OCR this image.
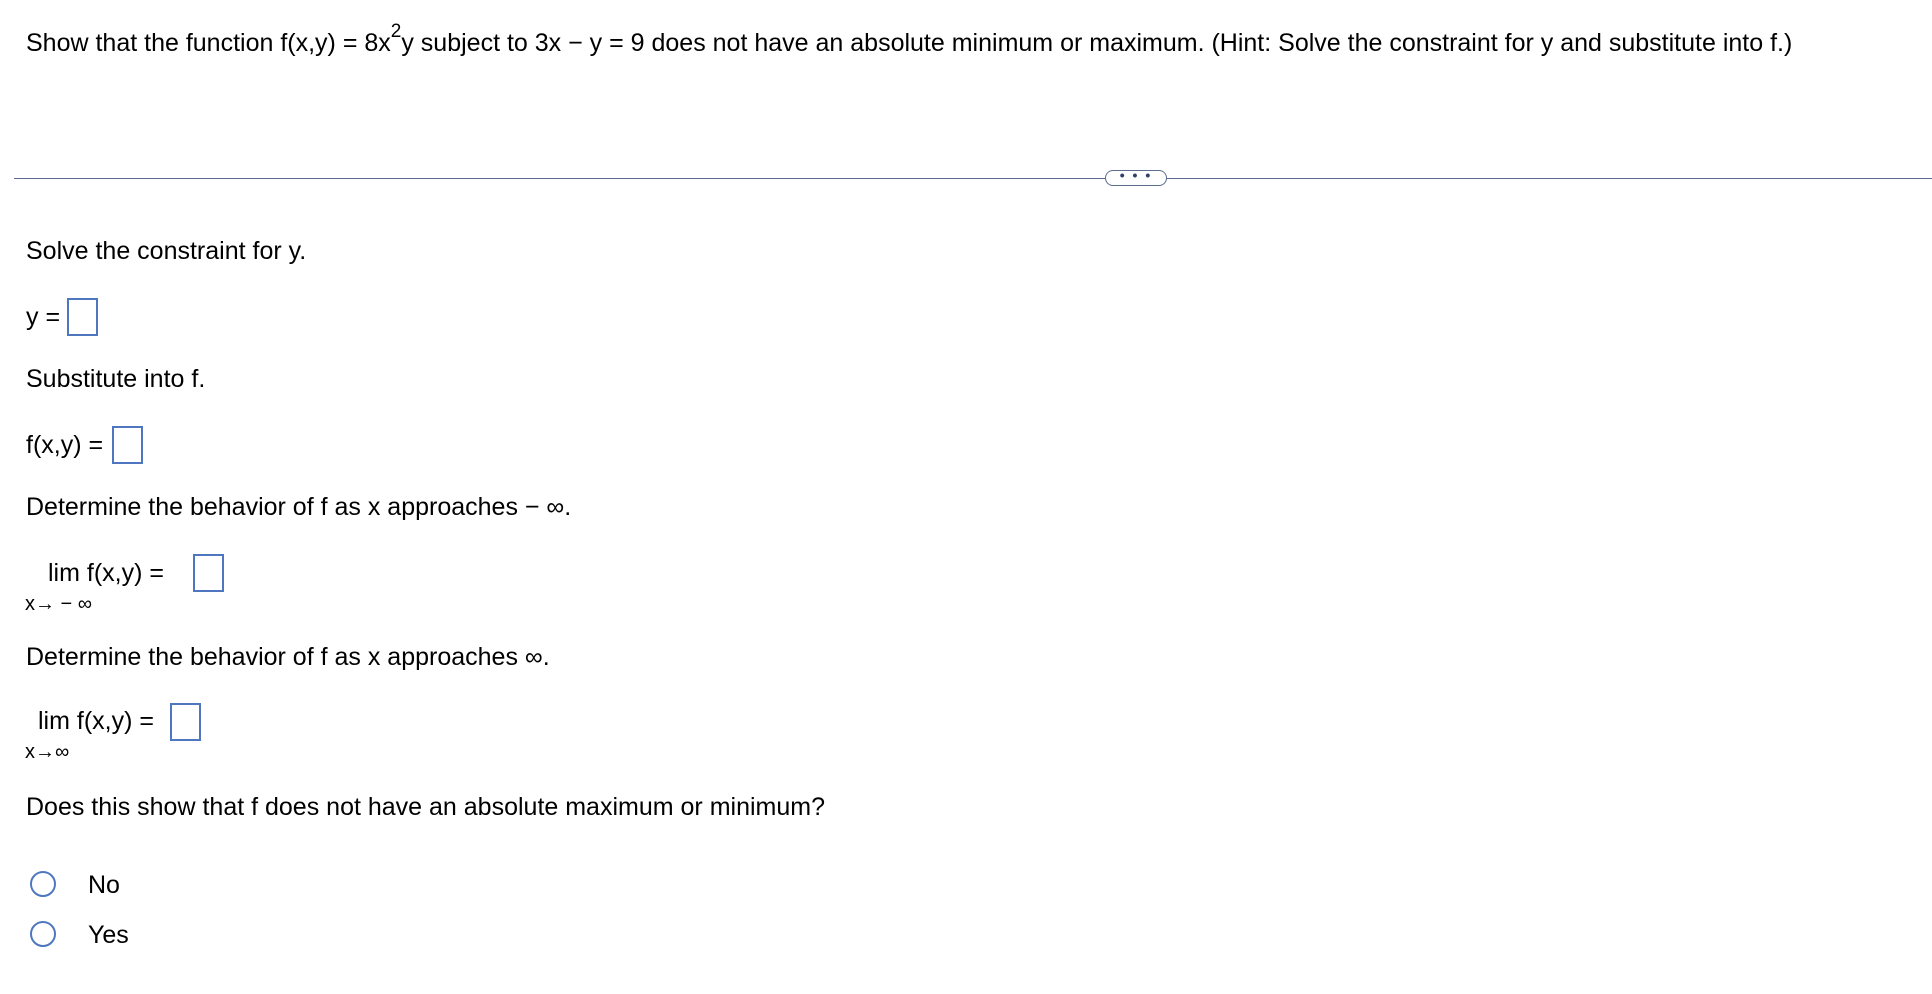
Show that the function $f(x,y) = 8x^2y$ subject to 3x − y = 9 does not have an absolute minimum or maximum. (Hint: Solve the constraint for y and substitute into f.)
• • •
Solve the constraint for y.
y =
Substitute into f.
f(x,y) =
Determine the behavior of f as x approaches − ∞.
lim f(x,y) =
x→ − ∞
Determine the behavior of f as x approaches ∞.
lim f(x,y) =
x→∞
Does this show that f does not have an absolute maximum or minimum?
No
Yes
